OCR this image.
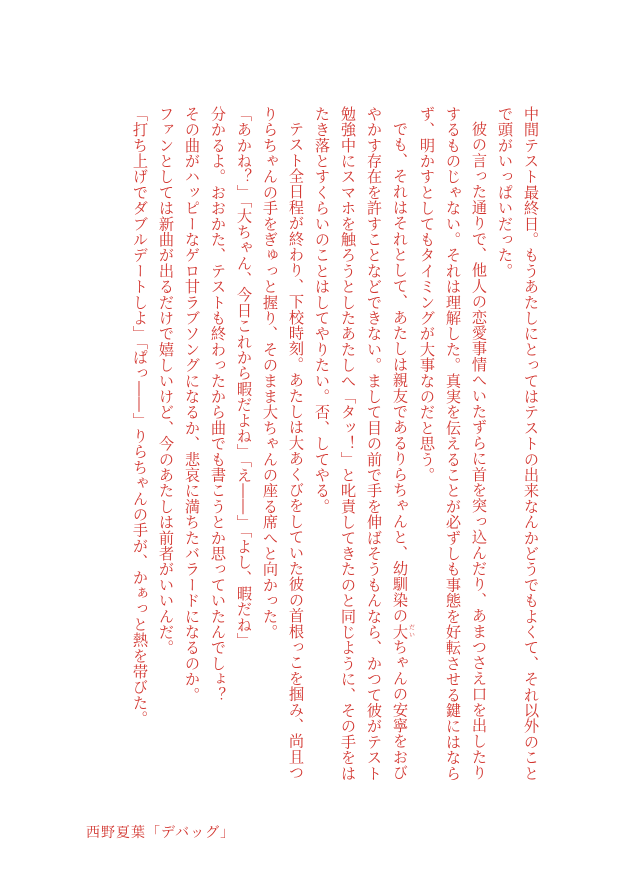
中間テスト最終日。もうあたしにとってはテストの出来なんかどうでもよくて、それ以外のことで頭がいっぱいだった。

彼の言った通りで、他人の恋愛事情へいたずらに首を突っ込んだり、あまつさえ口を出したりするものじゃない。それは理解した。真実を伝えることが必ずしも事態を好転させる鍵にはならず、明かすとしてもタイミングが大事なのだと思う。

でも、それはそれとして、あたしは親友であるりらちゃんと、幼馴染の大だいちゃんの安寧をおびやかす存在を許すことなどできない。まして目の前で手を伸ばそうもんなら、かつて彼がテスト勉強中にスマホを触ろうとしたあたしへ「タッ！」と叱責してきたのと同じように、その手をはたき落とすくらいのことはしてやりたい。否、してやる。

テスト全日程が終わり、下校時刻。あたしは大あくびをしていた彼の首根っこを掴み、尚且つりらちゃんの手をぎゅっと握り、そのまま大ちゃんの座る席へと向かった。

「あかね？」「大ちゃん、今日これから暇だよね」「え――」「よし、暇だね」

分かるよ。おおかた、テストも終わったから曲でも書こうとか思っていたんでしょ？

その曲がハッピーなゲロ甘ラブソングになるか、悲哀に満ちたバラードになるのか。

ファンとしては新曲が出るだけで嬉しいけど、今のあたしは前者がいいんだ。

「打ち上げでダブルデートしよ」「ぱっ――」りらちゃんの手が、かぁっと熱を帯びた。

西野夏葉「デバッグ」
